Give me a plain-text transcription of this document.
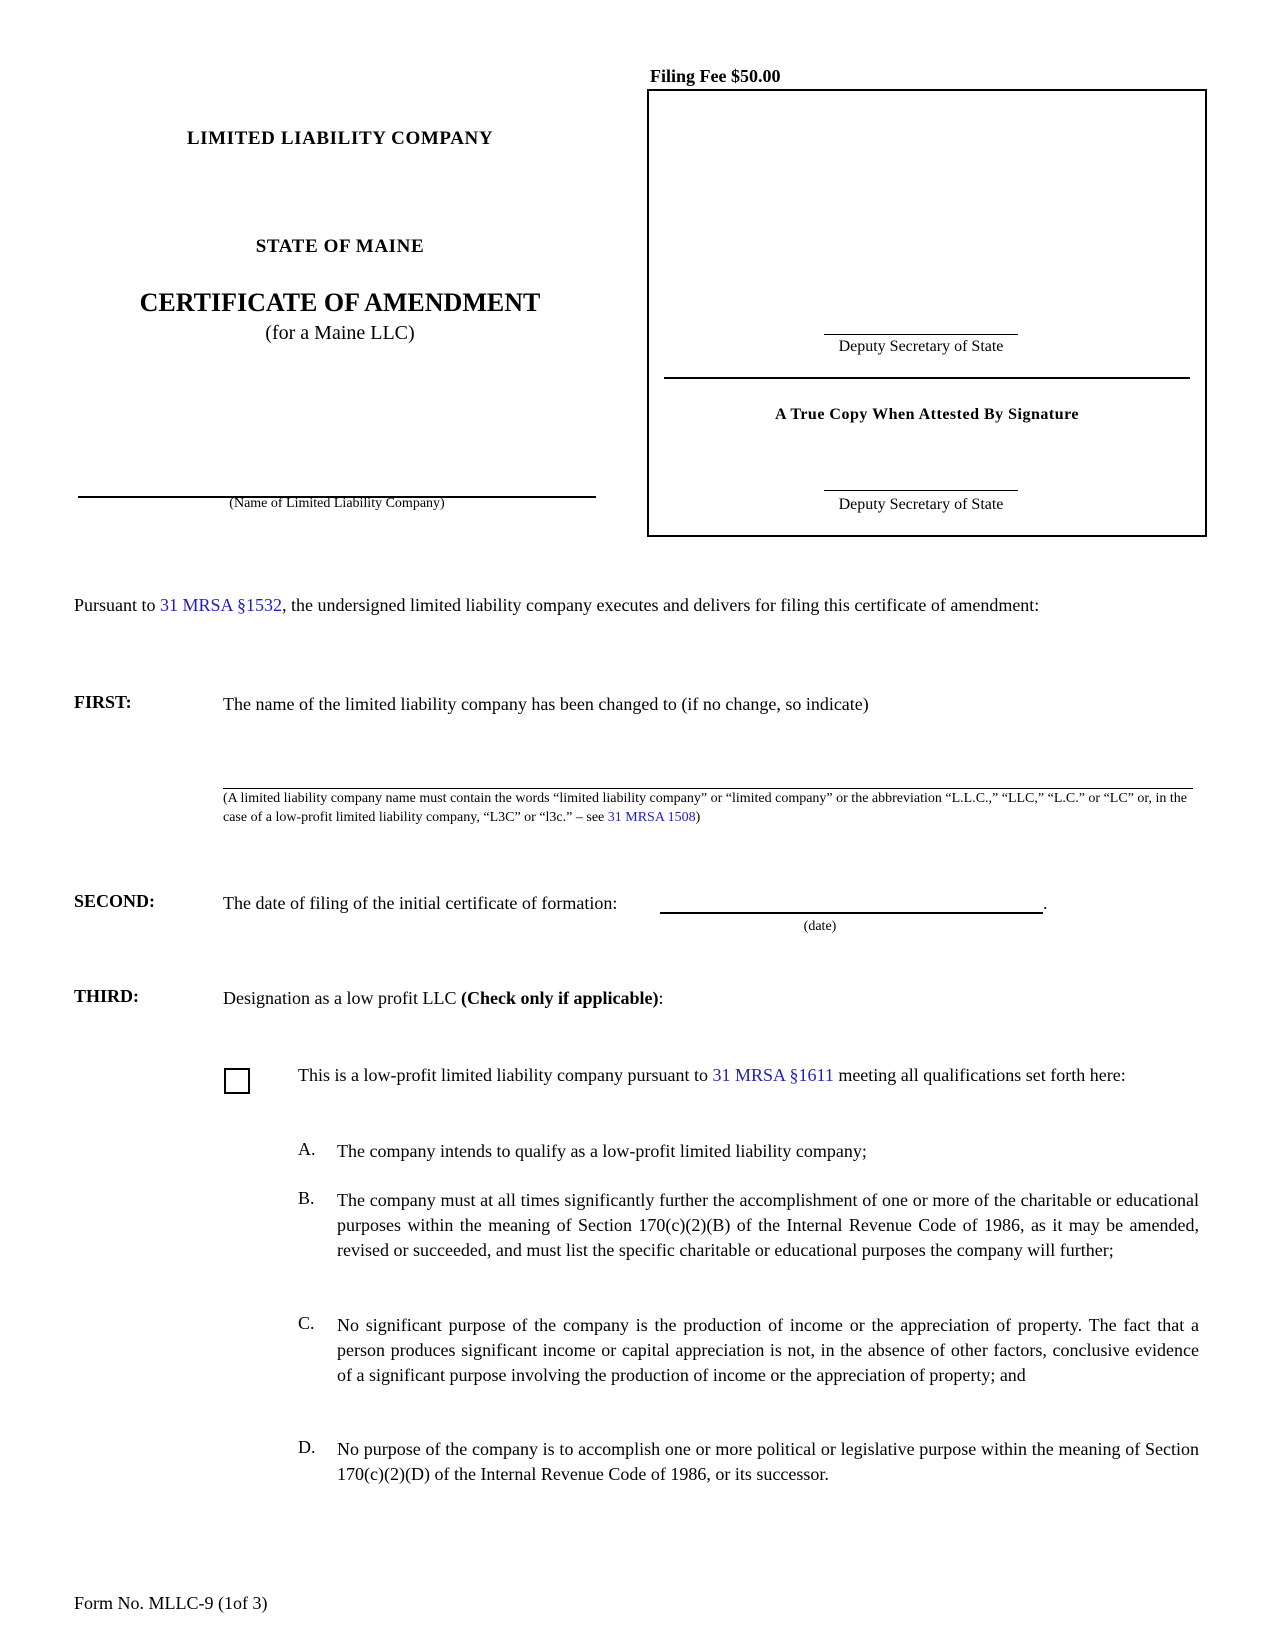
Filing Fee $50.00
LIMITED LIABILITY COMPANY
STATE OF MAINE
CERTIFICATE OF AMENDMENT
(for a Maine LLC)
(Name of Limited Liability Company)
Deputy Secretary of State
A True Copy When Attested By Signature
Deputy Secretary of State
Pursuant to 31 MRSA §1532, the undersigned limited liability company executes and delivers for filing this certificate of amendment:
FIRST:	The name of the limited liability company has been changed to (if no change, so indicate)
(A limited liability company name must contain the words “limited liability company” or “limited company” or the abbreviation “L.L.C.,” “LLC,” “L.C.” or “LC” or, in the case of a low-profit limited liability company, “L3C” or “l3c.” – see 31 MRSA 1508)
SECOND:	The date of filing of the initial certificate of formation:	.
(date)
THIRD:	Designation as a low profit LLC (Check only if applicable):
This is a low-profit limited liability company pursuant to 31 MRSA §1611 meeting all qualifications set forth here:
A. The company intends to qualify as a low-profit limited liability company;
B. The company must at all times significantly further the accomplishment of one or more of the charitable or educational purposes within the meaning of Section 170(c)(2)(B) of the Internal Revenue Code of 1986, as it may be amended, revised or succeeded, and must list the specific charitable or educational purposes the company will further;
C. No significant purpose of the company is the production of income or the appreciation of property. The fact that a person produces significant income or capital appreciation is not, in the absence of other factors, conclusive evidence of a significant purpose involving the production of income or the appreciation of property; and
D. No purpose of the company is to accomplish one or more political or legislative purpose within the meaning of Section 170(c)(2)(D) of the Internal Revenue Code of 1986, or its successor.
Form No. MLLC-9 (1of 3)
